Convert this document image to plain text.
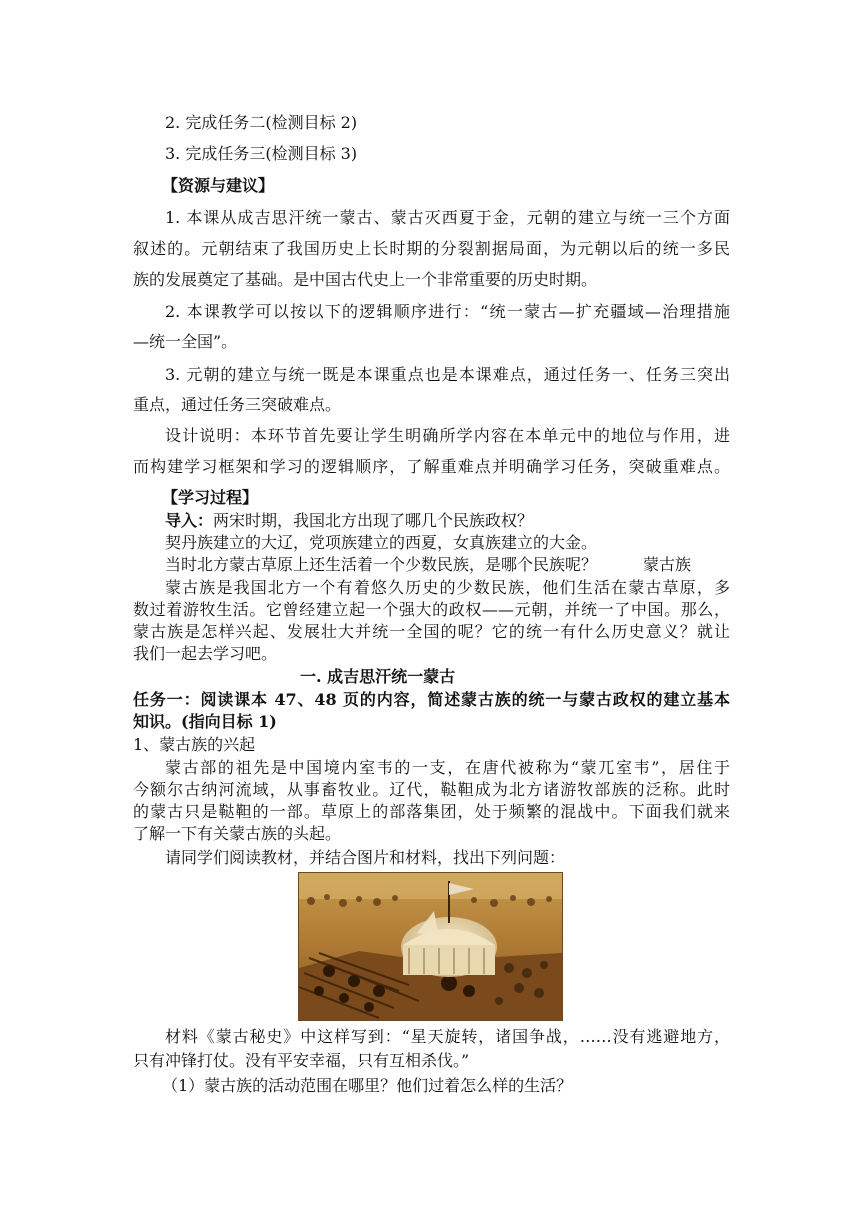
2. 完成任务二(检测目标 2)
3. 完成任务三(检测目标 3)
【资源与建议】
1. 本课从成吉思汗统一蒙古、蒙古灭西夏于金，元朝的建立与统一三个方面
叙述的。元朝结束了我国历史上长时期的分裂割据局面，为元朝以后的统一多民
族的发展奠定了基础。是中国古代史上一个非常重要的历史时期。
2. 本课教学可以按以下的逻辑顺序进行：“统一蒙古—扩充疆域—治理措施
—统一全国”。
3. 元朝的建立与统一既是本课重点也是本课难点，通过任务一、任务三突出
重点，通过任务三突破难点。
设计说明：本环节首先要让学生明确所学内容在本单元中的地位与作用，进
而构建学习框架和学习的逻辑顺序，了解重难点并明确学习任务，突破重难点。
【学习过程】
导入：两宋时期，我国北方出现了哪几个民族政权？
契丹族建立的大辽，党项族建立的西夏，女真族建立的大金。
当时北方蒙古草原上还生活着一个少数民族，是哪个民族呢？	蒙古族
蒙古族是我国北方一个有着悠久历史的少数民族，他们生活在蒙古草原，多
数过着游牧生活。它曾经建立起一个强大的政权——元朝，并统一了中国。那么，
蒙古族是怎样兴起、发展壮大并统一全国的呢？它的统一有什么历史意义？就让
我们一起去学习吧。
一. 成吉思汗统一蒙古
任务一：阅读课本 47、48 页的内容，简述蒙古族的统一与蒙古政权的建立基本
知识。(指向目标 1)
1、蒙古族的兴起
蒙古部的祖先是中国境内室韦的一支，在唐代被称为“蒙兀室韦”，居住于
今额尔古纳河流域，从事畜牧业。辽代，鞑靼成为北方诸游牧部族的泛称。此时
的蒙古只是鞑靼的一部。草原上的部落集团，处于频繁的混战中。下面我们就来
了解一下有关蒙古族的头起。
请同学们阅读教材，并结合图片和材料，找出下列问题：
材料《蒙古秘史》中这样写到：“星天旋转，诸国争战，……没有逃避地方，
只有冲锋打仗。没有平安幸福，只有互相杀伐。”
（1）蒙古族的活动范围在哪里？他们过着怎么样的生活？
